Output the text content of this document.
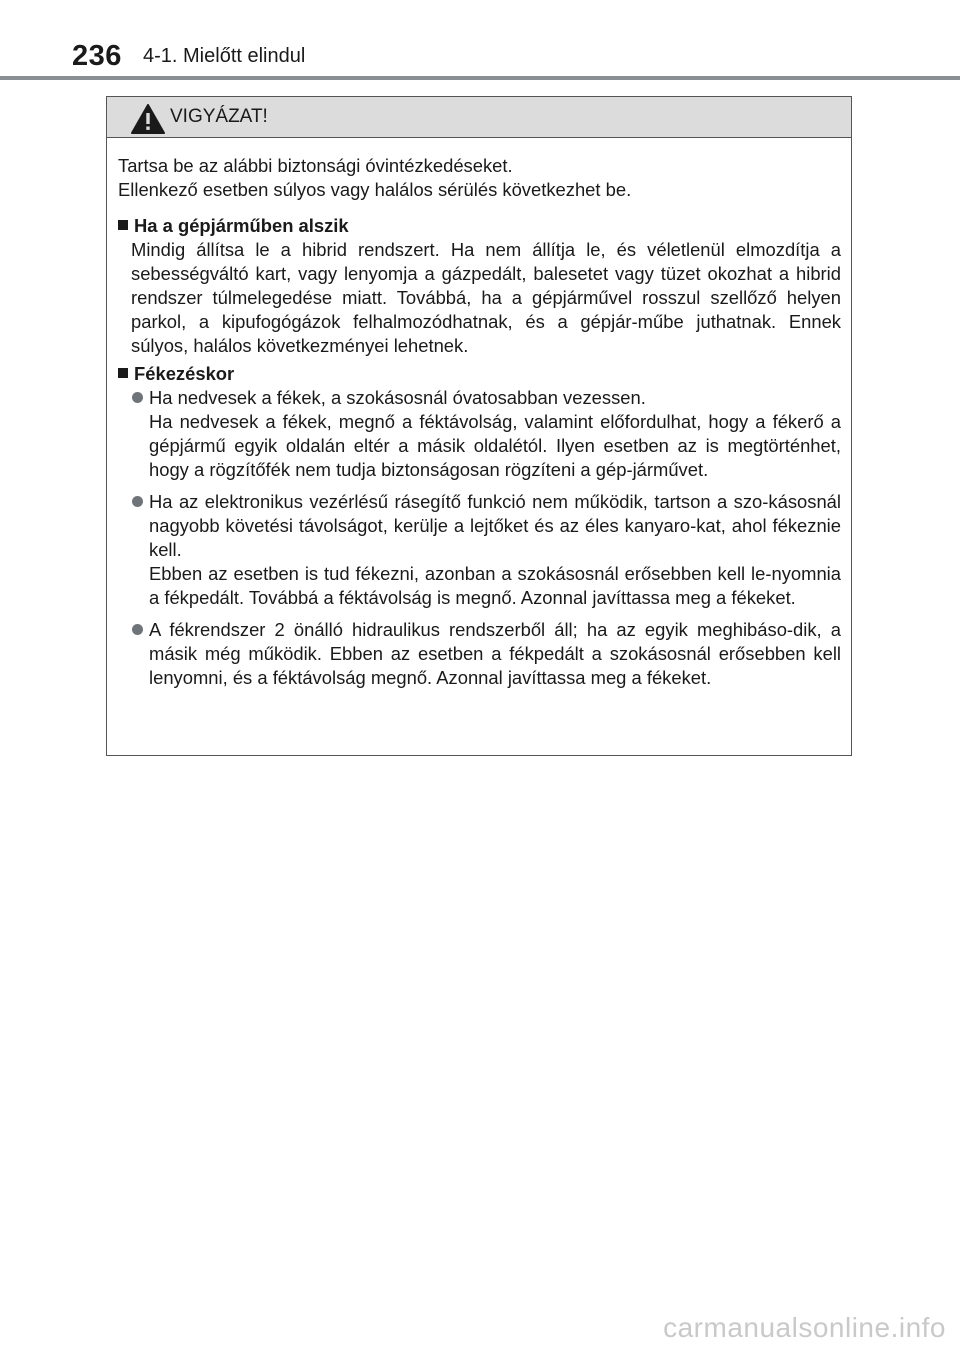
236 4-1. Mielőtt elindul
VIGYÁZAT!

Tartsa be az alábbi biztonsági óvintézkedéseket.

Ellenkező esetben súlyos vagy halálos sérülés következhet be.

Ha a gépjárműben alszik
Mindig állítsa le a hibrid rendszert. Ha nem állítja le, és véletlenül elmozdítja a sebességváltó kart, vagy lenyomja a gázpedált, balesetet vagy tüzet okozhat a hibrid rendszer túlmelegedése miatt. Továbbá, ha a gépjárművel rosszul szellőző helyen parkol, a kipufogógázok felhalmozódhatnak, és a gépjár-műbe juthatnak. Ennek súlyos, halálos következményei lehetnek.
Fékezéskor

Ha nedvesek a fékek, a szokásosnál óvatosabban vezessen.

Ha nedvesek a fékek, megnő a féktávolság, valamint előfordulhat, hogy a fékerő a gépjármű egyik oldalán eltér a másik oldalétól. Ilyen esetben az is megtörténhet, hogy a rögzítőfék nem tudja biztonságosan rögzíteni a gép-járművet.

Ha az elektronikus vezérlésű rásegítő funkció nem működik, tartson a szo-kásosnál nagyobb követési távolságot, kerülje a lejtőket és az éles kanyaro-kat, ahol fékeznie kell.

Ebben az esetben is tud fékezni, azonban a szokásosnál erősebben kell le-nyomnia a fékpedált. Továbbá a féktávolság is megnő. Azonnal javíttassa meg a fékeket.

A fékrendszer 2 önálló hidraulikus rendszerből áll; ha az egyik meghibáso-dik, a másik még működik. Ebben az esetben a fékpedált a szokásosnál erősebben kell lenyomni, és a féktávolság megnő. Azonnal javíttassa meg a fékeket.

carmanualsonline.info
